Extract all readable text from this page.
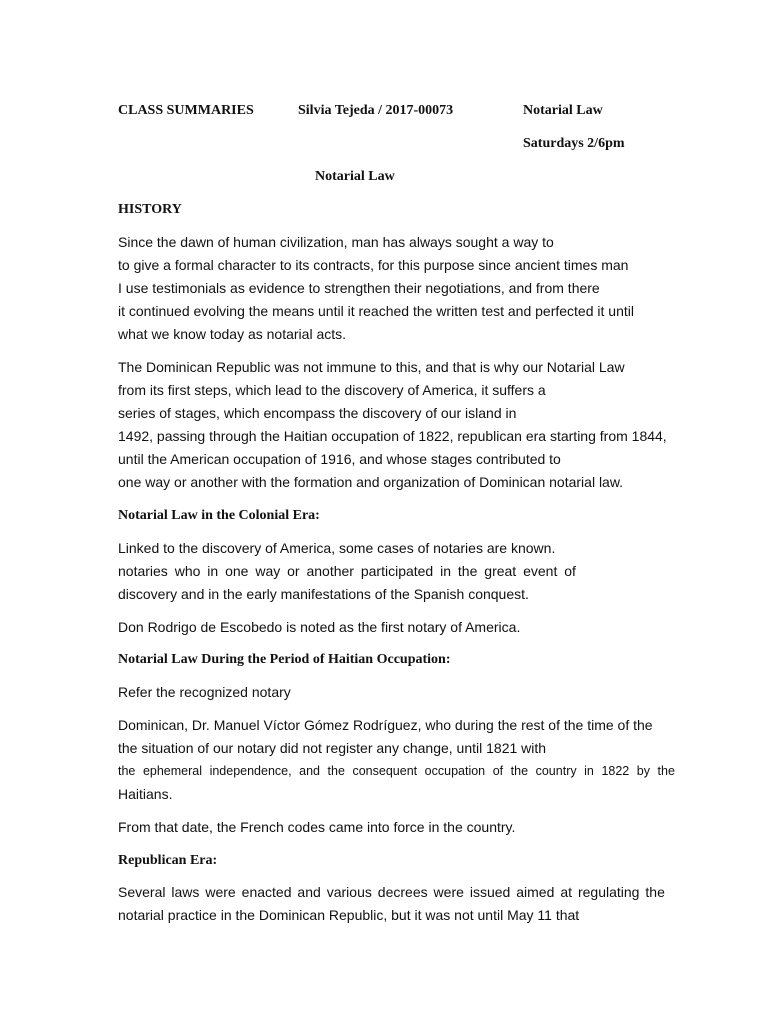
CLASS SUMMARIES	Silvia Tejeda / 2017-00073	Notarial Law
Saturdays 2/6pm
Notarial Law
HISTORY
Since the dawn of human civilization, man has always sought a way to
to give a formal character to its contracts, for this purpose since ancient times man
I use testimonials as evidence to strengthen their negotiations, and from there
it continued evolving the means until it reached the written test and perfected it until
what we know today as notarial acts.
The Dominican Republic was not immune to this, and that is why our Notarial Law
from its first steps, which lead to the discovery of America, it suffers a
series of stages, which encompass the discovery of our island in
1492, passing through the Haitian occupation of 1822, republican era starting from 1844,
until the American occupation of 1916, and whose stages contributed to
one way or another with the formation and organization of Dominican notarial law.
Notarial Law in the Colonial Era:
Linked to the discovery of America, some cases of notaries are known.
notaries who in one way or another participated in the great event of
discovery and in the early manifestations of the Spanish conquest.
Don Rodrigo de Escobedo is noted as the first notary of America.
Notarial Law During the Period of Haitian Occupation:
Refer the recognized notary
Dominican, Dr. Manuel Víctor Gómez Rodríguez, who during the rest of the time of the
the situation of our notary did not register any change, until 1821 with
the ephemeral independence, and the consequent occupation of the country in 1822 by the
Haitians.
From that date, the French codes came into force in the country.
Republican Era:
Several laws were enacted and various decrees were issued aimed at regulating the
notarial practice in the Dominican Republic, but it was not until May 11 that
